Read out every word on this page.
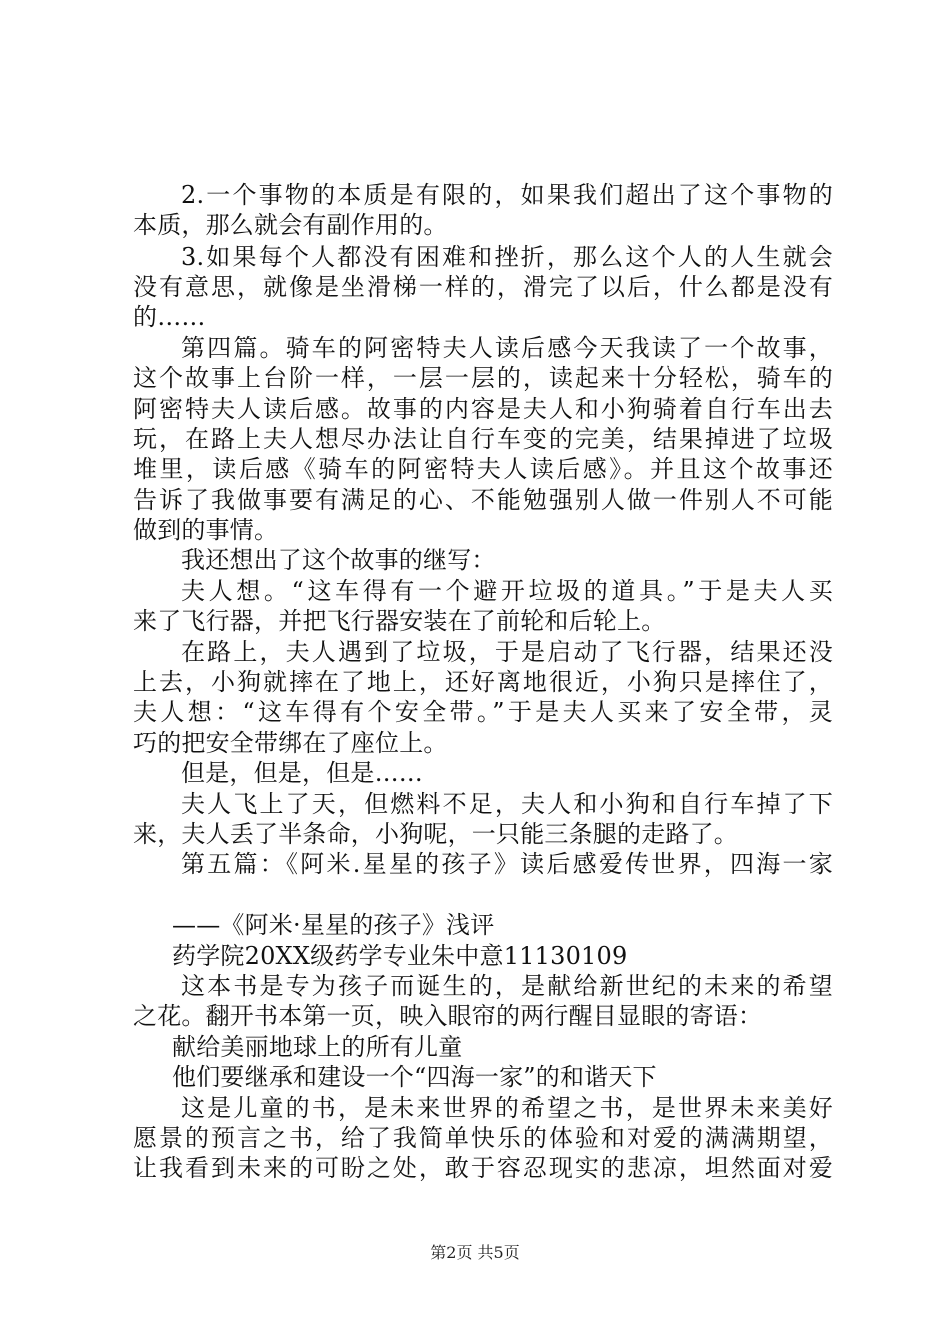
2.一个事物的本质是有限的，如果我们超出了这个事物的
本质，那么就会有副作用的。
3.如果每个人都没有困难和挫折，那么这个人的人生就会
没有意思，就像是坐滑梯一样的，滑完了以后，什么都是没有
的……
第四篇。骑车的阿密特夫人读后感今天我读了一个故事，
这个故事上台阶一样，一层一层的，读起来十分轻松，骑车的
阿密特夫人读后感。故事的内容是夫人和小狗骑着自行车出去
玩，在路上夫人想尽办法让自行车变的完美，结果掉进了垃圾
堆里，读后感《骑车的阿密特夫人读后感》。并且这个故事还
告诉了我做事要有满足的心、不能勉强别人做一件别人不可能
做到的事情。
我还想出了这个故事的继写：
夫人想。“这车得有一个避开垃圾的道具。”于是夫人买
来了飞行器，并把飞行器安装在了前轮和后轮上。
在路上，夫人遇到了垃圾，于是启动了飞行器，结果还没
上去，小狗就摔在了地上，还好离地很近，小狗只是摔住了，
夫人想：“这车得有个安全带。”于是夫人买来了安全带，灵
巧的把安全带绑在了座位上。
但是，但是，但是……
夫人飞上了天，但燃料不足，夫人和小狗和自行车掉了下
来，夫人丢了半条命，小狗呢，一只能三条腿的走路了。
第五篇：《阿米.星星的孩子》读后感爱传世界，四海一家
——《阿米·星星的孩子》浅评
药学院20XX级药学专业朱中意11130109
这本书是专为孩子而诞生的，是献给新世纪的未来的希望
之花。翻开书本第一页，映入眼帘的两行醒目显眼的寄语：
献给美丽地球上的所有儿童
他们要继承和建设一个“四海一家”的和谐天下
这是儿童的书，是未来世界的希望之书，是世界未来美好
愿景的预言之书，给了我简单快乐的体验和对爱的满满期望，
让我看到未来的可盼之处，敢于容忍现实的悲凉，坦然面对爱
第2页 共5页
